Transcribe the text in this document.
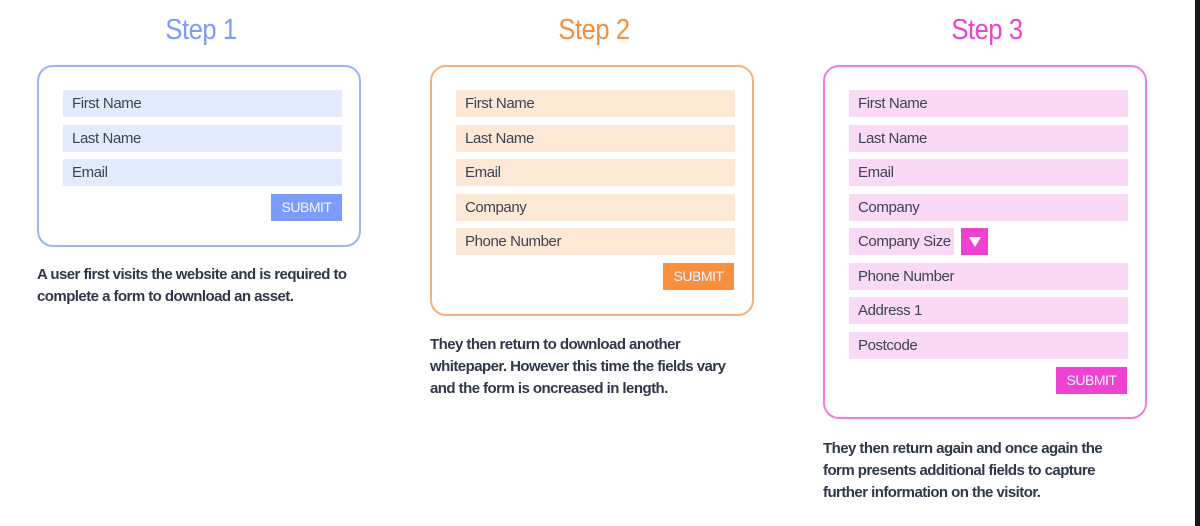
Step 1
First Name
Last Name
Email
SUBMIT
A user first visits the website and is required to complete a form to download an asset.
Step 2
First Name
Last Name
Email
Company
Phone Number
SUBMIT
They then return to download another whitepaper. However this time the fields vary and the form is oncreased in length.
Step 3
First Name
Last Name
Email
Company
Company Size
Phone Number
Address 1
Postcode
SUBMIT
They then return again and once again the form presents additional fields to capture further information on the visitor.
